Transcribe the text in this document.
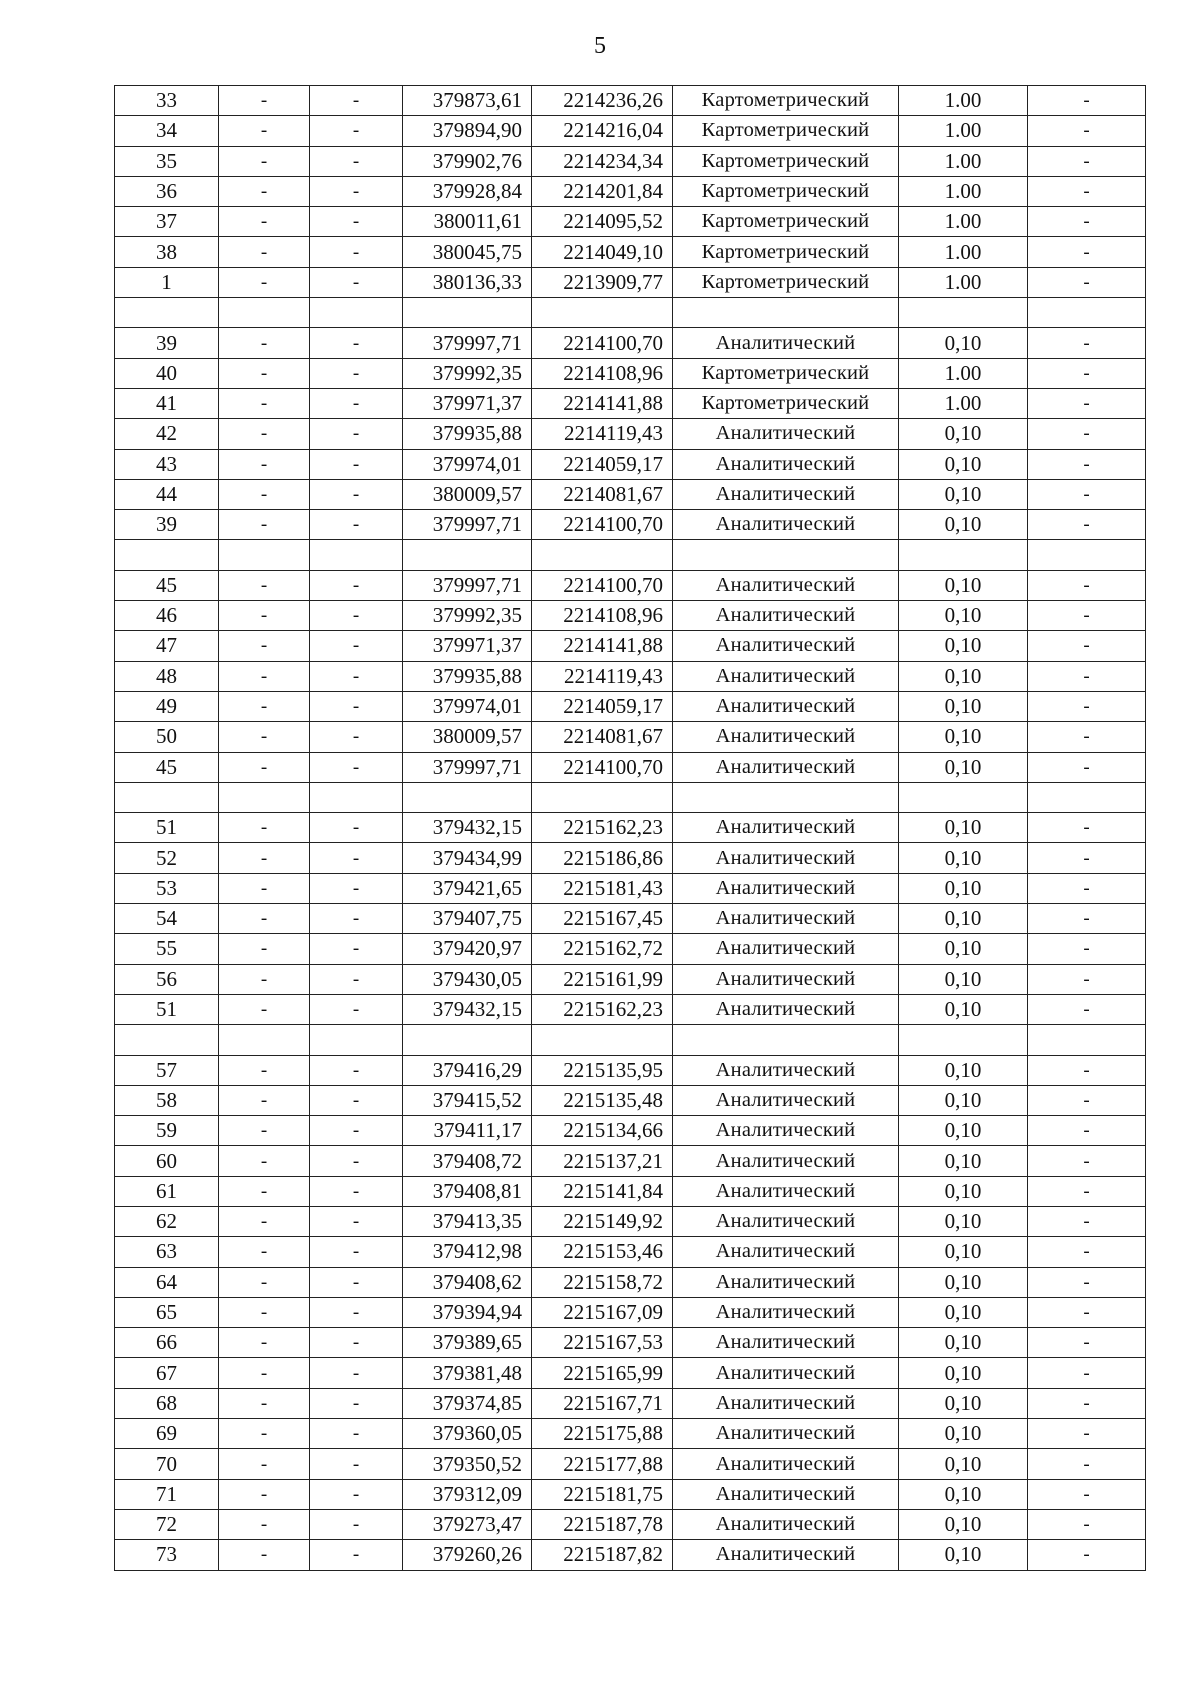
5
33	-	-	379873,61	2214236,26	Картометрический	1.00	-
34	-	-	379894,90	2214216,04	Картометрический	1.00	-
35	-	-	379902,76	2214234,34	Картометрический	1.00	-
36	-	-	379928,84	2214201,84	Картометрический	1.00	-
37	-	-	380011,61	2214095,52	Картометрический	1.00	-
38	-	-	380045,75	2214049,10	Картометрический	1.00	-
1	-	-	380136,33	2213909,77	Картометрический	1.00	-

39	-	-	379997,71	2214100,70	Аналитический	0,10	-
40	-	-	379992,35	2214108,96	Картометрический	1.00	-
41	-	-	379971,37	2214141,88	Картометрический	1.00	-
42	-	-	379935,88	2214119,43	Аналитический	0,10	-
43	-	-	379974,01	2214059,17	Аналитический	0,10	-
44	-	-	380009,57	2214081,67	Аналитический	0,10	-
39	-	-	379997,71	2214100,70	Аналитический	0,10	-

45	-	-	379997,71	2214100,70	Аналитический	0,10	-
46	-	-	379992,35	2214108,96	Аналитический	0,10	-
47	-	-	379971,37	2214141,88	Аналитический	0,10	-
48	-	-	379935,88	2214119,43	Аналитический	0,10	-
49	-	-	379974,01	2214059,17	Аналитический	0,10	-
50	-	-	380009,57	2214081,67	Аналитический	0,10	-
45	-	-	379997,71	2214100,70	Аналитический	0,10	-

51	-	-	379432,15	2215162,23	Аналитический	0,10	-
52	-	-	379434,99	2215186,86	Аналитический	0,10	-
53	-	-	379421,65	2215181,43	Аналитический	0,10	-
54	-	-	379407,75	2215167,45	Аналитический	0,10	-
55	-	-	379420,97	2215162,72	Аналитический	0,10	-
56	-	-	379430,05	2215161,99	Аналитический	0,10	-
51	-	-	379432,15	2215162,23	Аналитический	0,10	-

57	-	-	379416,29	2215135,95	Аналитический	0,10	-
58	-	-	379415,52	2215135,48	Аналитический	0,10	-
59	-	-	379411,17	2215134,66	Аналитический	0,10	-
60	-	-	379408,72	2215137,21	Аналитический	0,10	-
61	-	-	379408,81	2215141,84	Аналитический	0,10	-
62	-	-	379413,35	2215149,92	Аналитический	0,10	-
63	-	-	379412,98	2215153,46	Аналитический	0,10	-
64	-	-	379408,62	2215158,72	Аналитический	0,10	-
65	-	-	379394,94	2215167,09	Аналитический	0,10	-
66	-	-	379389,65	2215167,53	Аналитический	0,10	-
67	-	-	379381,48	2215165,99	Аналитический	0,10	-
68	-	-	379374,85	2215167,71	Аналитический	0,10	-
69	-	-	379360,05	2215175,88	Аналитический	0,10	-
70	-	-	379350,52	2215177,88	Аналитический	0,10	-
71	-	-	379312,09	2215181,75	Аналитический	0,10	-
72	-	-	379273,47	2215187,78	Аналитический	0,10	-
73	-	-	379260,26	2215187,82	Аналитический	0,10	-
